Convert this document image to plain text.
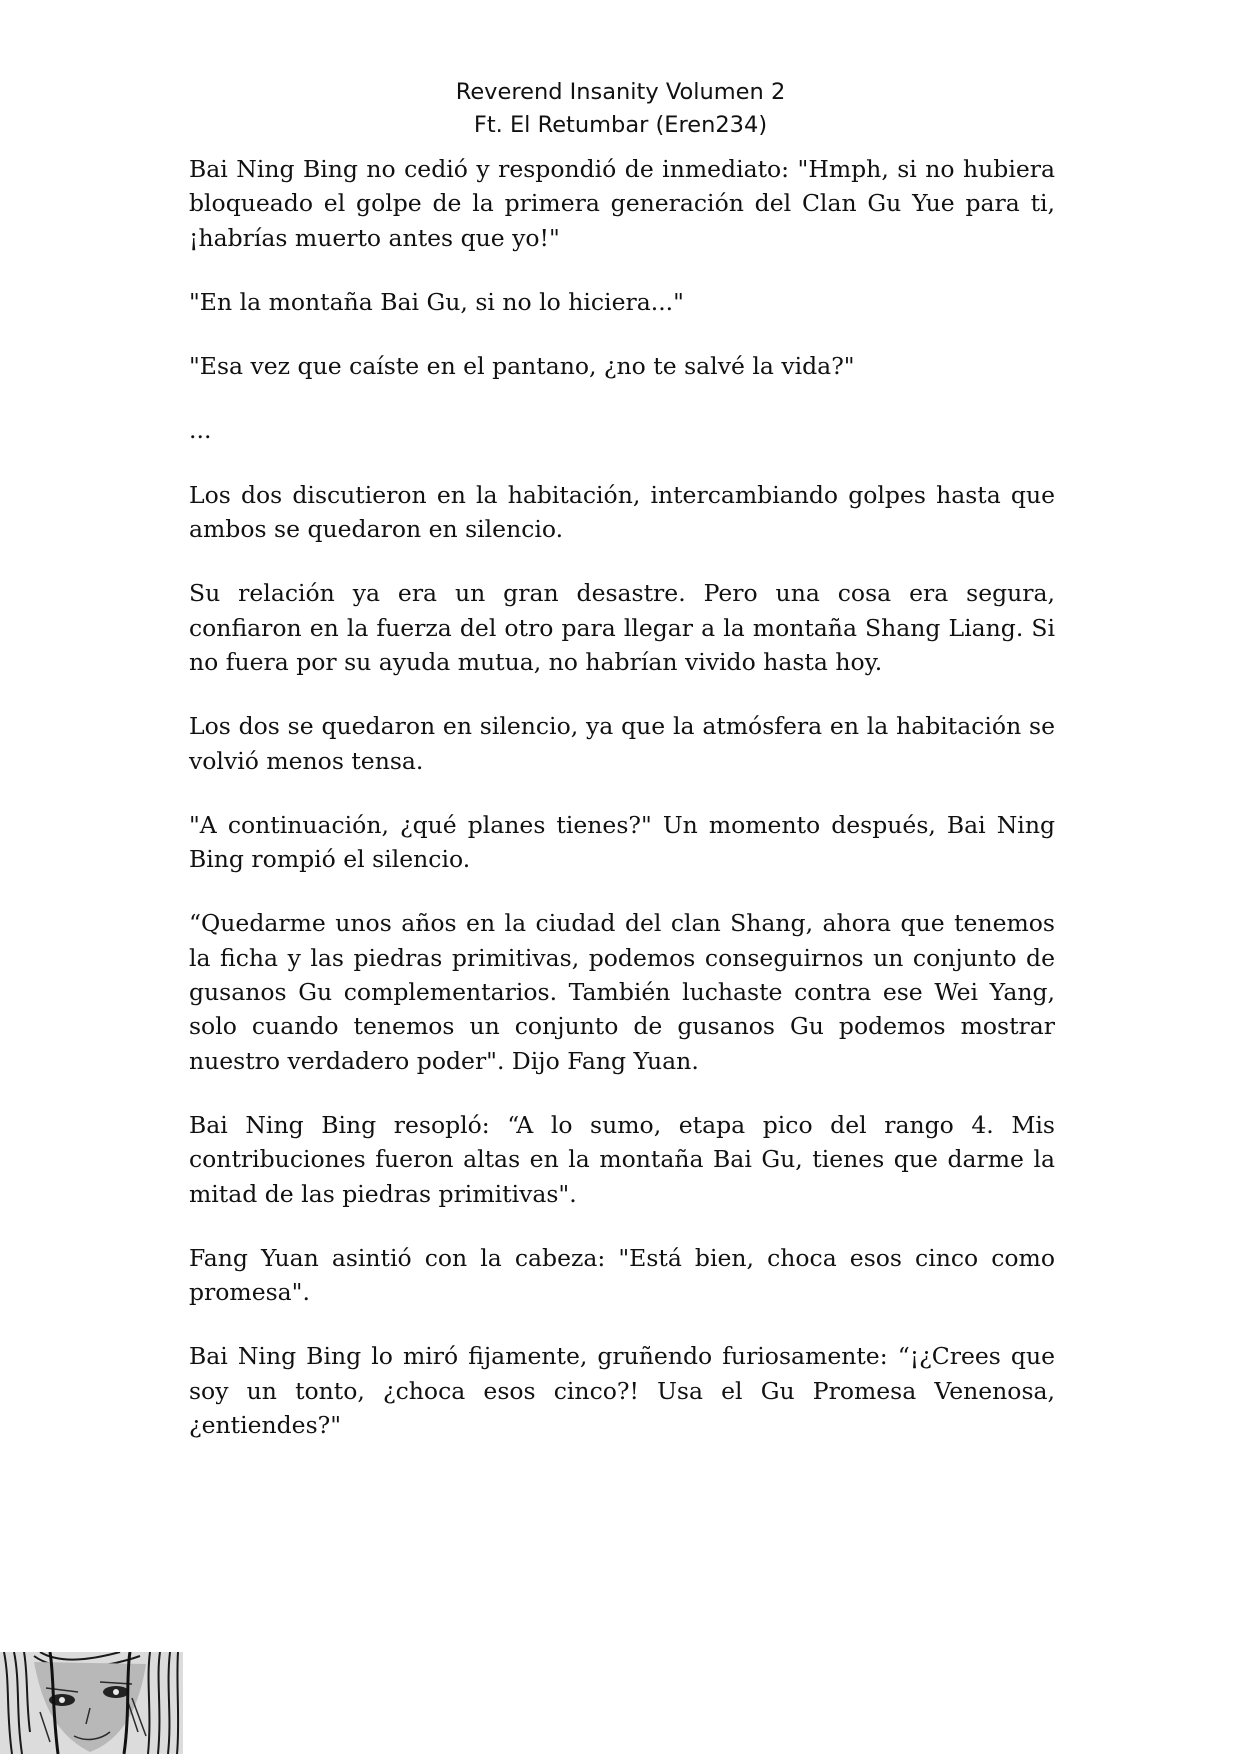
Reverend Insanity Volumen 2
Ft. El Retumbar (Eren234)

Bai Ning Bing no cedió y respondió de inmediato: "Hmph, si no hubiera bloqueado el golpe de la primera generación del Clan Gu Yue para ti, ¡habrías muerto antes que yo!"

"En la montaña Bai Gu, si no lo hiciera..."

"Esa vez que caíste en el pantano, ¿no te salvé la vida?"

...

Los dos discutieron en la habitación, intercambiando golpes hasta que ambos se quedaron en silencio.

Su relación ya era un gran desastre. Pero una cosa era segura, confiaron en la fuerza del otro para llegar a la montaña Shang Liang. Si no fuera por su ayuda mutua, no habrían vivido hasta hoy.

Los dos se quedaron en silencio, ya que la atmósfera en la habitación se volvió menos tensa.

"A continuación, ¿qué planes tienes?" Un momento después, Bai Ning Bing rompió el silencio.

“Quedarme unos años en la ciudad del clan Shang, ahora que tenemos la ficha y las piedras primitivas, podemos conseguirnos un conjunto de gusanos Gu complementarios. También luchaste contra ese Wei Yang, solo cuando tenemos un conjunto de gusanos Gu podemos mostrar nuestro verdadero poder". Dijo Fang Yuan.

Bai Ning Bing resopló: “A lo sumo, etapa pico del rango 4. Mis contribuciones fueron altas en la montaña Bai Gu, tienes que darme la mitad de las piedras primitivas".

Fang Yuan asintió con la cabeza: "Está bien, choca esos cinco como promesa".

Bai Ning Bing lo miró fijamente, gruñendo furiosamente: “¡¿Crees que soy un tonto, ¿choca esos cinco?! Usa el Gu Promesa Venenosa, ¿entiendes?"
